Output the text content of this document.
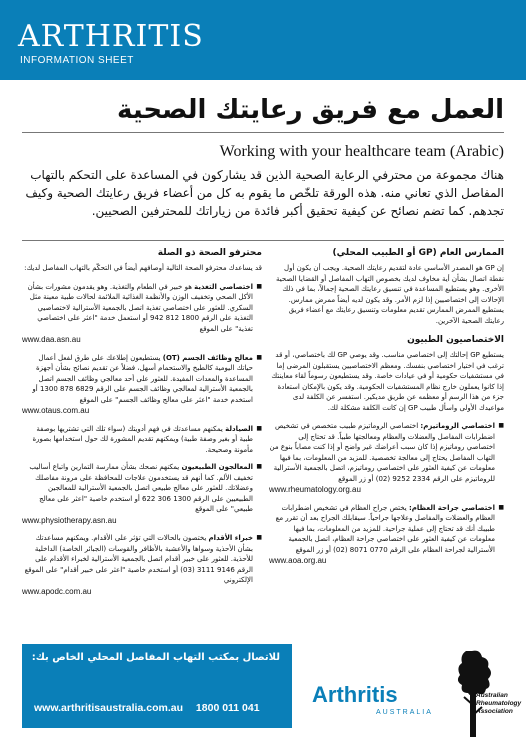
ARTHRITIS
INFORMATION SHEET
العمل مع فريق رعايتك الصحية
Working with your healthcare team (Arabic)
هناك مجموعة من محترفي الرعاية الصحية الذين قد يشاركون في المساعدة على التحكم بالتهاب المفاصل الذي تعاني منه. هذه الورقة تلخّص ما يقوم به كل من أعضاء فريق رعايتك الصحية وكيف تجدهم. كما تضم نصائح عن كيفية تحقيق أكبر فائدة من زياراتك للمحترفين الصحيين.
الممارس العام (GP أو الطبيب المحلي)
إن GP هو المصدر الأساسي عادة لتقديم رعايتك الصحية. ويجب أن يكون أول نقطة اتصال بشأن أية مخاوف لديك بخصوص التهاب المفاصل أو القضايا الصحية الأخرى. وهو يستطيع المساعدة في تنسيق رعايتك الصحية إجمالاً، بما في ذلك الإحالات إلى اختصاصيين إذا لزم الأمر. وقد يكون لديه أيضاً ممرض ممارس. يستطيع الممرض الممارس تقديم معلومات وتنسيق رعايتك مع أعضاء فريق رعايتك الصحية الآخرين.
الاختصاصيون الطبيون
يستطيع GP إحالتك إلى اختصاصي مناسب. وقد يوصي GP لك باختصاصي، أو قد ترغب في اختيار اختصاصي بنفسك. ومعظم الاختصاصيين يستقبلون المرضى إما في مستشفيات حكومية أو في عيادات خاصة. وقد يستطيعون رسوماً لقاء معاينتك إذا كانوا يعملون خارج نظام المستشفيات الحكومية. وقد يكون بالإمكان استعادة جزء من هذا الرسم أو معظمه عن طريق مديكير. استفسر عن الكلفة لدى مواعيدك الأولى واسأل طبيب GP إن كانت الكلفة مشكلة لك.
■ اختصاصي الروماتيزم: اختصاصي الروماتيزم طبيب متخصص في تشخيص اضطرابات المفاصل والعضلات والعظام ومعالجتها طبياً. قد تحتاج إلى اختصاصي روماتيزم إذا كان سبب أعراضك غير واضح أو إذا كنت مصاباً بنوع من التهاب المفاصل يحتاج إلى معالجة تخصصية. للمزيد من المعلومات، بما فيها معلومات عن كيفية العثور على اختصاصي روماتيزم، اتصل بالجمعية الأسترالية للروماتيزم على الرقم 2334 9252 (02) أو زر الموقع
www.rheumatology.org.au
■ اختصاصي جراحة العظام: يختص جراح العظام في تشخيص اضطرابات العظام والعضلات والمفاصل وعلاجها جراحياً. سيقابلك الجراح بعد أن تقرر مع طبيبك أنك قد تحتاج إلى عملية جراحية. للمزيد من المعلومات، بما فيها معلومات عن كيفية العثور على اختصاصي جراحة العظام، اتصل بالجمعية الأسترالية لجراحة العظام على الرقم 0770 8071 (02) أو زر الموقع
www.aoa.org.au
محترفو الصحة ذو الصلة
قد يساعدك محترفو الصحة التالية أوصافهم أيضاً في التحكّم بالتهاب المفاصل لديك:
■ اختصاصي التغذية هو خبير في الطعام والتغذية. وهو يقدمون مشورات بشأن الأكل الصحي وتخفيف الوزن والأنظمة الغذائية الملائمة لحالات طبية معينة مثل السكري. للعثور على اختصاصي تغذية اتصل بالجمعية الأسترالية لاختصاصيي التغذية على الرقم 1800 812 942 أو استعمل خدمة "اعثر على اختصاصي تغذية" على الموقع
www.daa.asn.au
■ معالج وظائف الجسم (OT) يستطيعون إطلاعك على طرق لفعل أعمال حياتك اليومية كالطبخ والاستحمام أسهل، فضلاً عن تقديم نصائح بشأن أجهزة المساعدة والمعدات المفيدة. للعثور على أحد معالجي وظائف الجسم اتصل بالجمعية الأسترالية لمعالجي وظائف الجسم على الرقم 6829 878 1300 أو استخدم خدمة "اعثر على معالج وظائف الجسم" على الموقع
www.otaus.com.au
■ الصيادلة يمكنهم مساعدتك في فهم أدويتك (سواء تلك التي تشتريها بوصفة طبية أو بغير وصفة طبية) ويمكنهم تقديم المشورة لك حول استخدامها بصورة مأمونة وصحيحة.
■ المعالجون الطبيعيون يمكنهم نصحك بشأن ممارسة التمارين واتباع أساليب تخفيف الألم. كما أنهم قد يستخدمون علاجات للمحافظة على مرونة مفاصلك وعضلاتك. للعثور على معالج طبيعي اتصل بالجمعية الأسترالية للمعالجين الطبيعيين على الرقم 1300 306 622 أو استخدم خاصية "اعثر على معالج طبيعي" على الموقع
www.physiotherapy.asn.au
■ خبراء الأقدام يختصون بالحالات التي تؤثر على الأقدام. ويمكنهم مساعدتك بشأن الأحذية وسواها والأعشبة بالأظافر والقوسات (الجبائر الخاصة) الداخلية للأحذية. للعثور على خبير أقدام اتصل بالجمعية الأسترالية لخبراء الأقدام على الرقم 9146 3111 (03) أو استخدم خاصية "اعثر على خبير أقدام" على الموقع الإلكتروني
www.apodc.com.au
للاتصال بمكتب التهاب المفاصل المحلي الخاص بك:
www.arthritisaustralia.com.au 1800 011 041
Arthritis
AUSTRALIA
Australian
Rheumatology
Association
